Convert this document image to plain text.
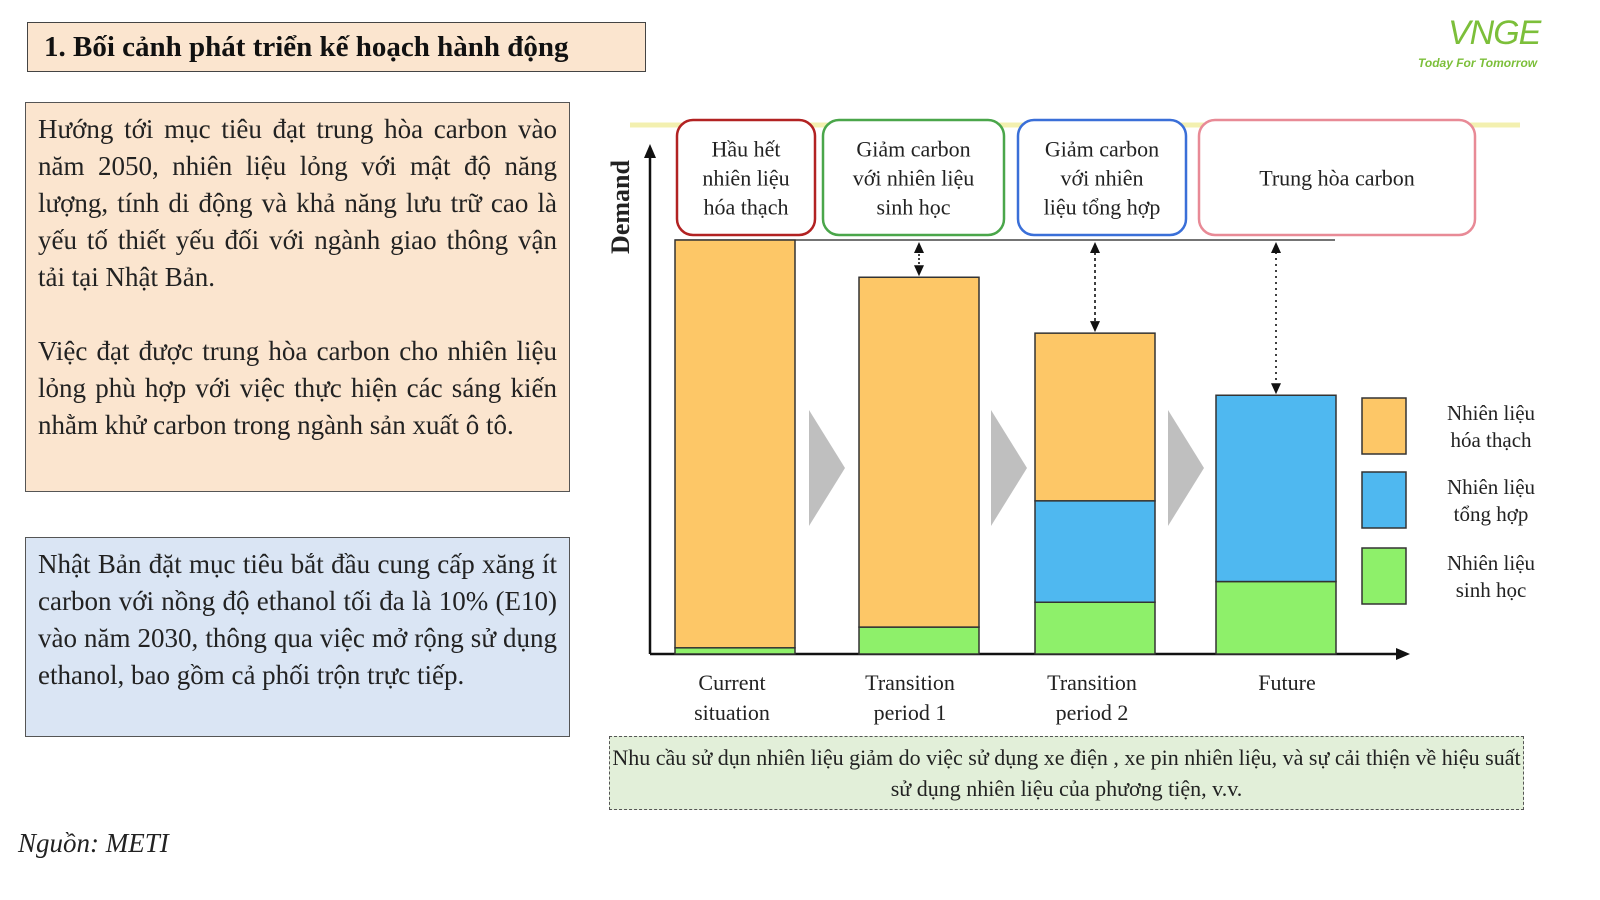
1. Bối cảnh phát triển kế hoạch hành động	VNGE
Today For Tomorrow

Hướng tới mục tiêu đạt trung hòa carbon vào năm 2050, nhiên liệu lỏng với mật độ năng lượng, tính di động và khả năng lưu trữ cao là yếu tố thiết yếu đối với ngành giao thông vận tải tại Nhật Bản.

Việc đạt được trung hòa carbon cho nhiên liệu lỏng phù hợp với việc thực hiện các sáng kiến nhằm khử carbon trong ngành sản xuất ô tô.

Nhật Bản đặt mục tiêu bắt đầu cung cấp xăng ít carbon với nồng độ ethanol tối đa là 10% (E10) vào năm 2030, thông qua việc mở rộng sử dụng ethanol, bao gồm cả phối trộn trực tiếp.

Nguồn: METI
Demand
Hầu hết
nhiên liệu
hóa thạch
Giảm carbon
với nhiên liệu
sinh học
Giảm carbon
với nhiên
liệu tổng hợp
Trung hòa carbon
Current
situation
Transition
period 1
Transition
period 2
Future
Nhiên liệu
hóa thạch
Nhiên liệu
tổng hợp
Nhiên liệu
sinh học
Nhu cầu sử dụn nhiên liệu giảm do việc sử dụng xe điện , xe pin nhiên liệu, và sự cải thiện về hiệu suất sử dụng nhiên liệu của phương tiện, v.v.
